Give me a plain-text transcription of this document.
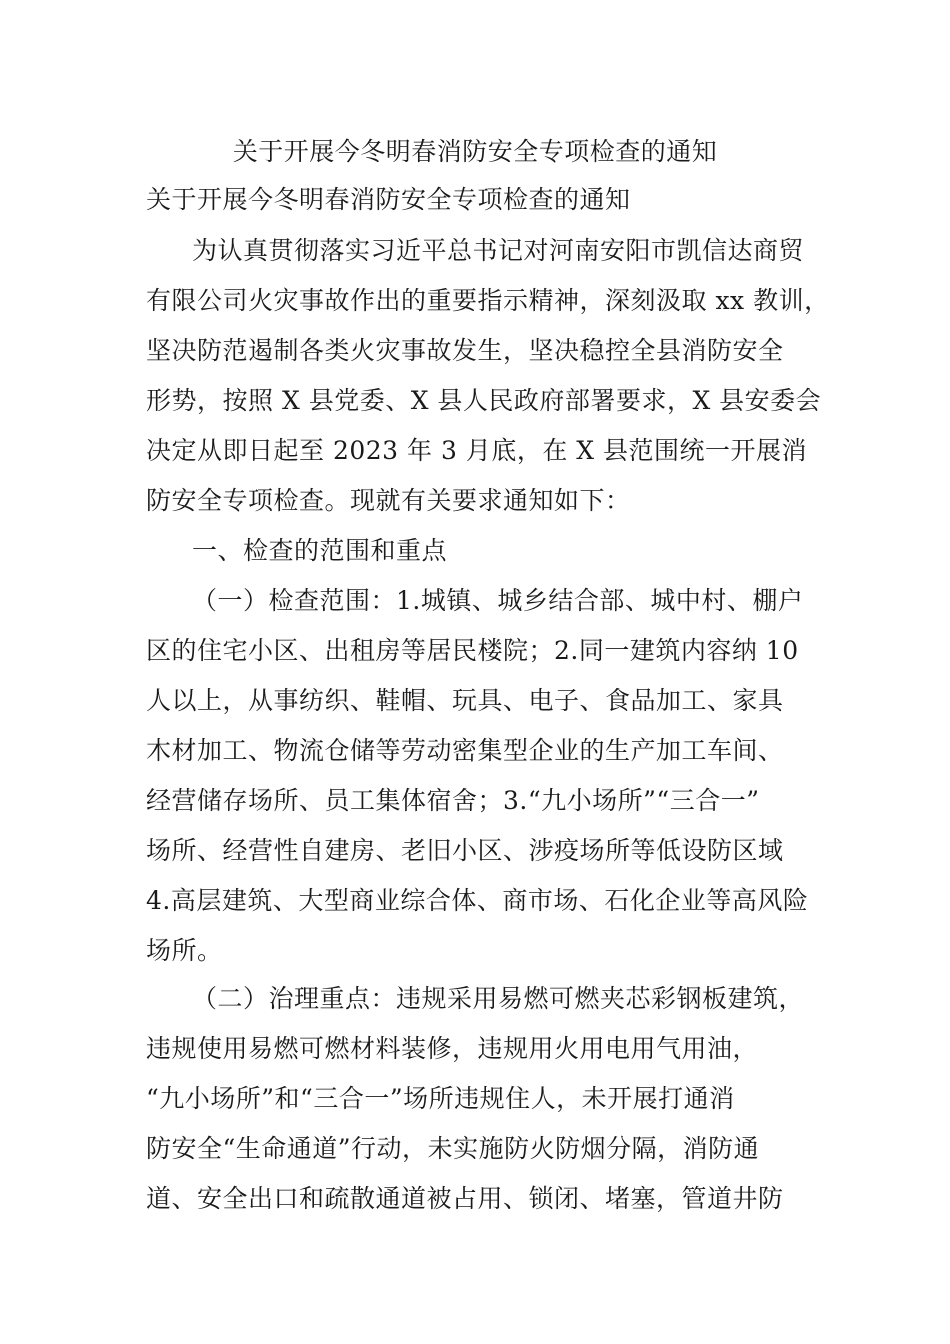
关于开展今冬明春消防安全专项检查的通知
关于开展今冬明春消防安全专项检查的通知
为认真贯彻落实习近平总书记对河南安阳市凯信达商贸
有限公司火灾事故作出的重要指示精神，深刻汲取 xx 教训，
坚决防范遏制各类火灾事故发生，坚决稳控全县消防安全
形势，按照 X 县党委、X 县人民政府部署要求，X 县安委会
决定从即日起至 2023 年 3 月底，在 X 县范围统一开展消
防安全专项检查。现就有关要求通知如下：
一、检查的范围和重点
（一）检查范围：1.城镇、城乡结合部、城中村、棚户
区的住宅小区、出租房等居民楼院；2.同一建筑内容纳 10
人以上，从事纺织、鞋帽、玩具、电子、食品加工、家具
木材加工、物流仓储等劳动密集型企业的生产加工车间、
经营储存场所、员工集体宿舍；3.“九小场所”“三合一”
场所、经营性自建房、老旧小区、涉疫场所等低设防区域
4.高层建筑、大型商业综合体、商市场、石化企业等高风险
场所。
（二）治理重点：违规采用易燃可燃夹芯彩钢板建筑，
违规使用易燃可燃材料装修，违规用火用电用气用油，
“九小场所”和“三合一”场所违规住人，未开展打通消
防安全“生命通道”行动，未实施防火防烟分隔，消防通
道、安全出口和疏散通道被占用、锁闭、堵塞，管道井防
